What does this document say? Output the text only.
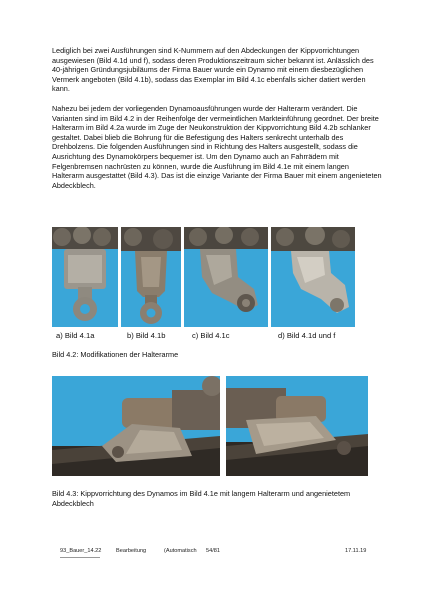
Lediglich bei zwei Ausführungen sind K-Nummern auf den Abdeckungen der Kippvorrichtungen ausgewiesen (Bild 4.1d und f), sodass deren Produktionszeitraum sicher bekannt ist. Anlässlich des 40-jährigen Gründungsjubiläums der Firma Bauer wurde ein Dynamo mit einem diesbezüglichen Vermerk angeboten (Bild 4.1b), sodass das Exemplar im Bild 4.1c ebenfalls sicher datiert werden kann.

Nahezu bei jedem der vorliegenden Dynamoausführungen wurde der Halterarm verändert. Die Varianten sind im Bild 4.2 in der Reihenfolge der vermeintlichen Markteinführung geordnet. Der breite Halterarm im Bild 4.2a wurde im Zuge der Neukonstruktion der Kippvorrichtung Bild 4.2b schlanker gestaltet. Dabei blieb die Bohrung für die Befestigung des Halters senkrecht unterhalb des Drehbolzens. Die folgenden Ausführungen sind in Richtung des Halters ausgestellt, sodass die Ausrichtung des Dynamokörpers bequemer ist. Um den Dynamo auch an Fahrrädern mit Felgenbremsen nachrüsten zu können, wurde die Ausführung im Bild 4.1e mit einem langen Halterarm ausgestattet (Bild 4.3). Das ist die einzige Variante der Firma Bauer mit einem angenieteten Abdeckblech.

a) Bild 4.1a	b) Bild 4.1b	c) Bild 4.1c	d) Bild 4.1d und f
Bild 4.2: Modifikationen der Halterarme
Bild 4.3: Kippvorrichtung des Dynamos im Bild 4.1e mit langem Halterarm und angenietetem Abdeckblech
93_Bauer_14.22	Bearbeitung	(Automatisch 54/81	17.11.19
